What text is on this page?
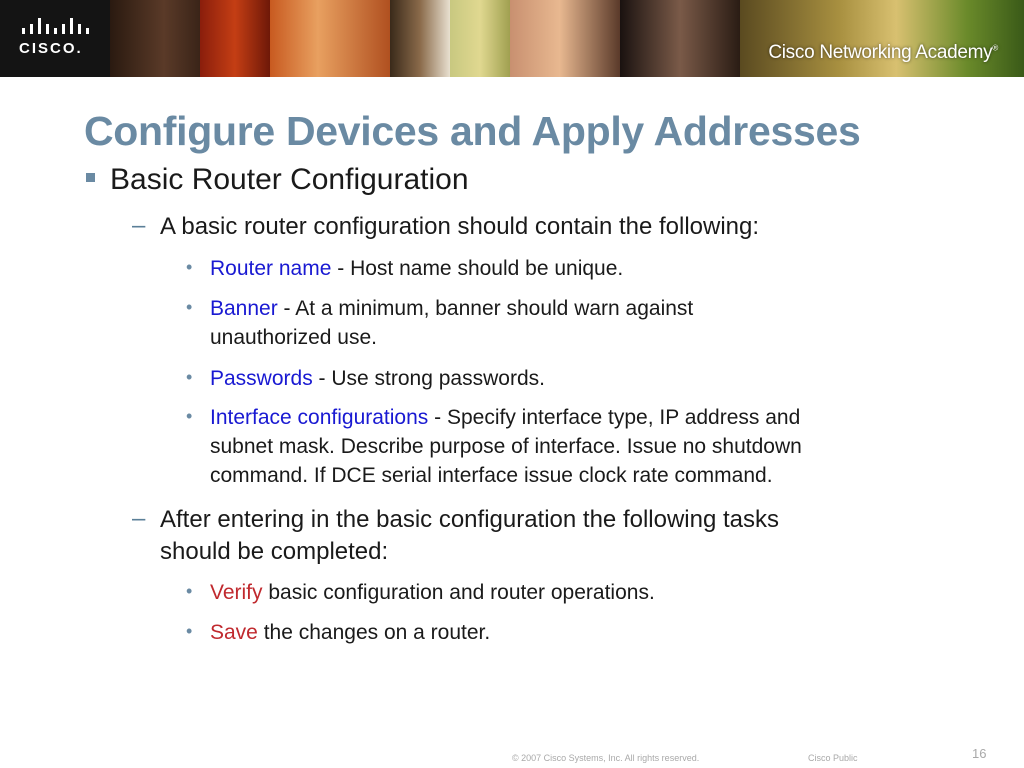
CISCO.	Cisco Networking Academy®
Configure Devices and Apply Addresses
Basic Router Configuration
– A basic router configuration should contain the following:
• Router name - Host name should be unique.
• Banner - At a minimum, banner should warn against
unauthorized use.
• Passwords - Use strong passwords.
• Interface configurations - Specify interface type, IP address and
subnet mask. Describe purpose of interface. Issue no shutdown
command. If DCE serial interface issue clock rate command.
– After entering in the basic configuration the following tasks
should be completed:
• Verify basic configuration and router operations.
• Save the changes on a router.
© 2007 Cisco Systems, Inc. All rights reserved.	Cisco Public	16
